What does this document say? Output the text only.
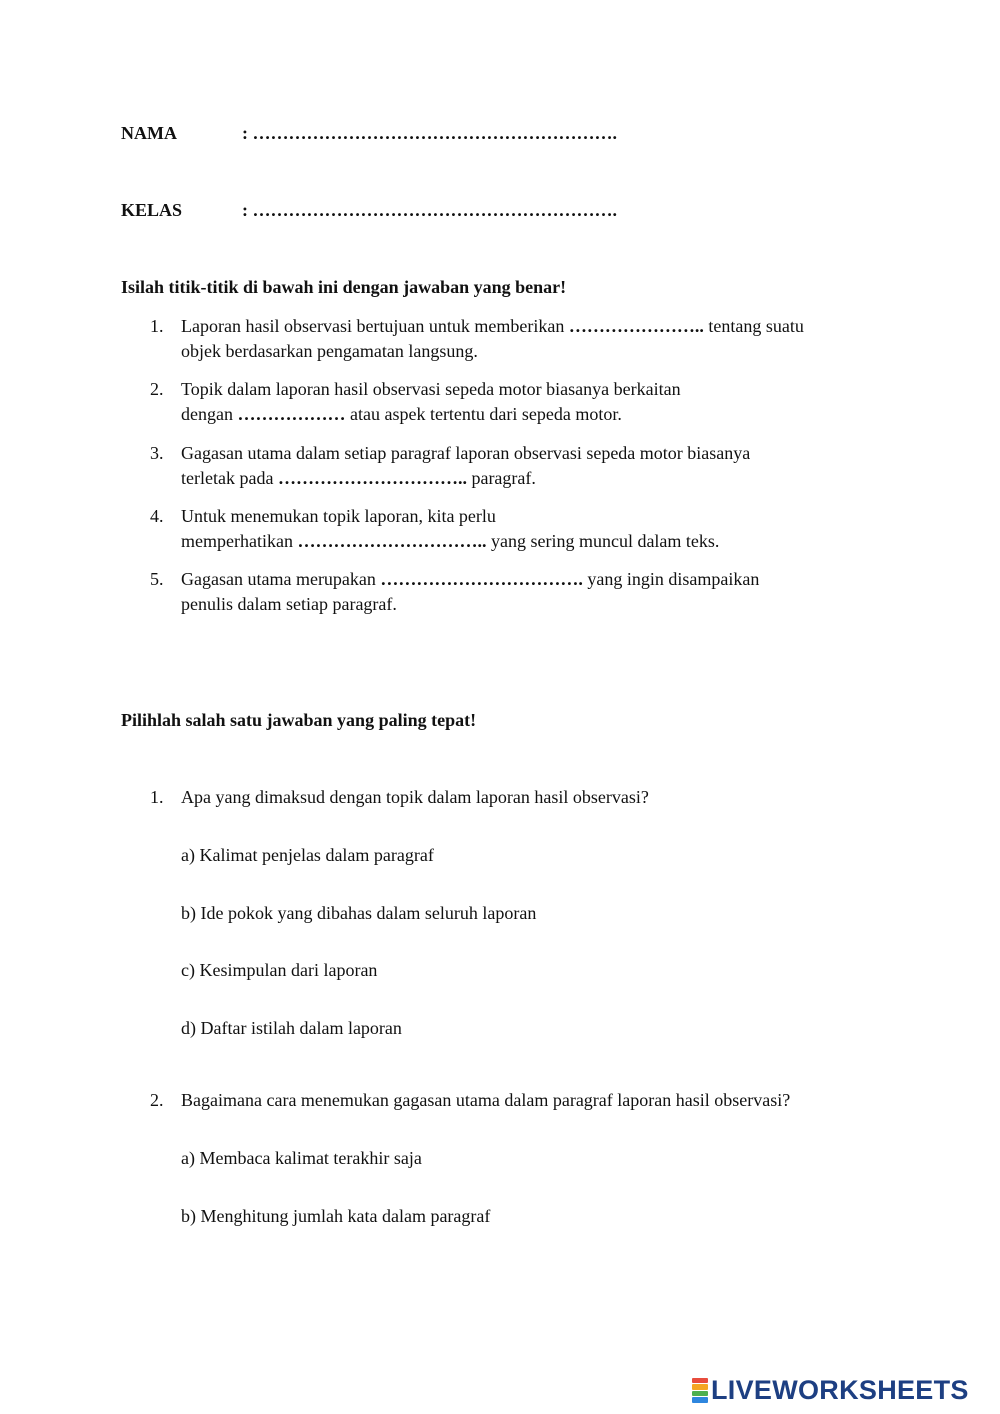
NAMA	: …………………………………………………….
KELAS	: …………………………………………………….
Isilah titik-titik di bawah ini dengan jawaban yang benar!
1. Laporan hasil observasi bertujuan untuk memberikan ………………….. tentang suatu
objek berdasarkan pengamatan langsung.
2. Topik dalam laporan hasil observasi sepeda motor biasanya berkaitan
dengan ……………… atau aspek tertentu dari sepeda motor.
3. Gagasan utama dalam setiap paragraf laporan observasi sepeda motor biasanya
terletak pada ………………………….. paragraf.
4. Untuk menemukan topik laporan, kita perlu
memperhatikan ………………………….. yang sering muncul dalam teks.
5. Gagasan utama merupakan ……………………………. yang ingin disampaikan
penulis dalam setiap paragraf.
Pilihlah salah satu jawaban yang paling tepat!
1. Apa yang dimaksud dengan topik dalam laporan hasil observasi?
a) Kalimat penjelas dalam paragraf
b) Ide pokok yang dibahas dalam seluruh laporan
c) Kesimpulan dari laporan
d) Daftar istilah dalam laporan
2. Bagaimana cara menemukan gagasan utama dalam paragraf laporan hasil observasi?
a) Membaca kalimat terakhir saja
b) Menghitung jumlah kata dalam paragraf
LIVEWORKSHEETS
